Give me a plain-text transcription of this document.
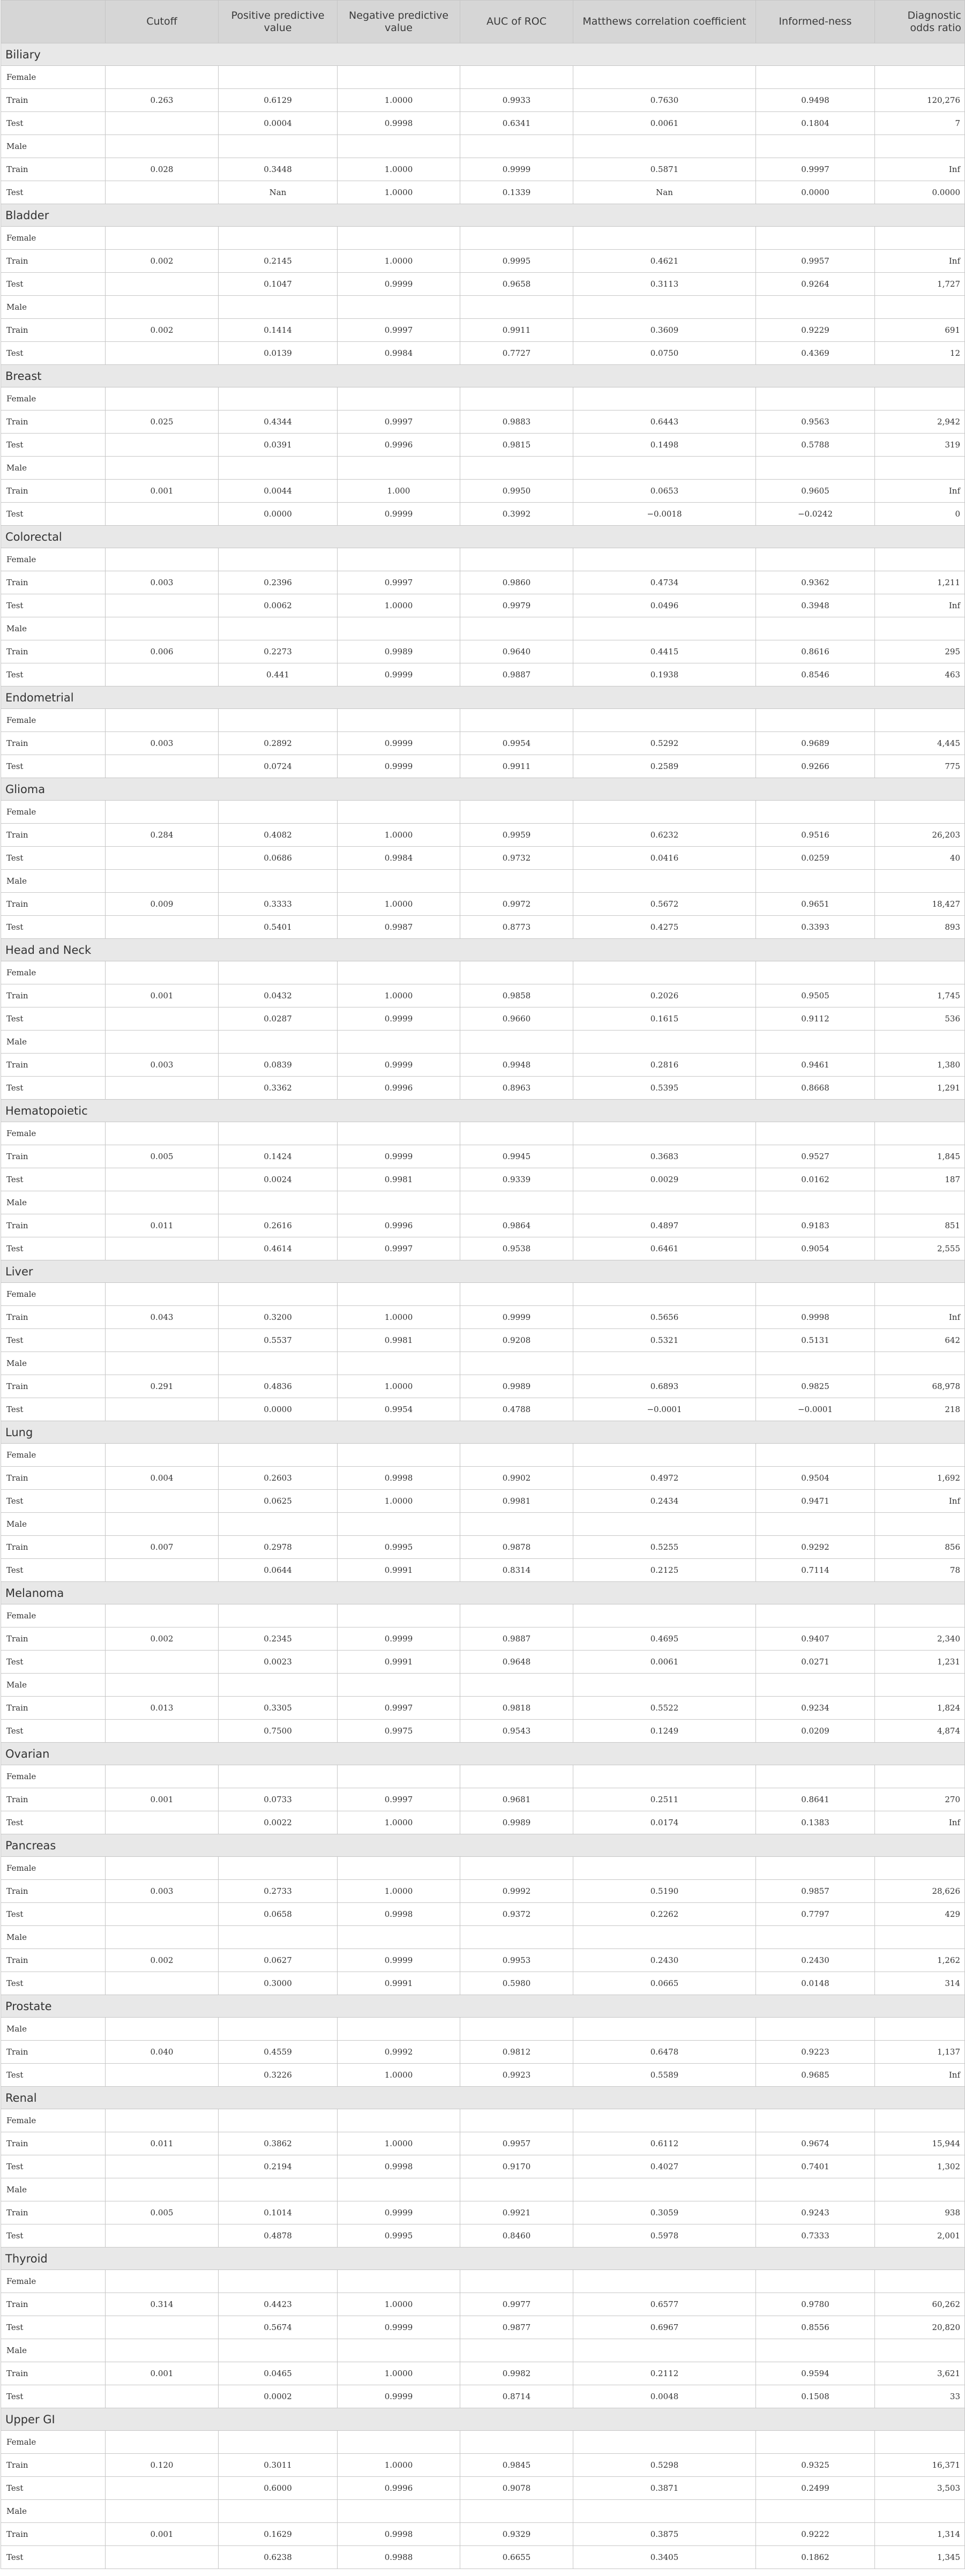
	Cutoff	Positive predictive value	Negative predictive value	AUC of ROC	Matthews correlation coefficient	Informed-ness	Diagnostic odds ratio
Biliary							
Female							
Train	0.263	0.6129	1.0000	0.9933	0.7630	0.9498	120,276
Test		0.0004	0.9998	0.6341	0.0061	0.1804	7
Male							
Train	0.028	0.3448	1.0000	0.9999	0.5871	0.9997	Inf
Test		Nan	1.0000	0.1339	Nan	0.0000	0.0000
Bladder							
Female							
Train	0.002	0.2145	1.0000	0.9995	0.4621	0.9957	Inf
Test		0.1047	0.9999	0.9658	0.3113	0.9264	1,727
Male							
Train	0.002	0.1414	0.9997	0.9911	0.3609	0.9229	691
Test		0.0139	0.9984	0.7727	0.0750	0.4369	12
Breast							
Female							
Train	0.025	0.4344	0.9997	0.9883	0.6443	0.9563	2,942
Test		0.0391	0.9996	0.9815	0.1498	0.5788	319
Male							
Train	0.001	0.0044	1.000	0.9950	0.0653	0.9605	Inf
Test		0.0000	0.9999	0.3992	−0.0018	−0.0242	0
Colorectal							
Female							
Train	0.003	0.2396	0.9997	0.9860	0.4734	0.9362	1,211
Test		0.0062	1.0000	0.9979	0.0496	0.3948	Inf
Male							
Train	0.006	0.2273	0.9989	0.9640	0.4415	0.8616	295
Test		0.441	0.9999	0.9887	0.1938	0.8546	463
Endometrial							
Female							
Train	0.003	0.2892	0.9999	0.9954	0.5292	0.9689	4,445
Test		0.0724	0.9999	0.9911	0.2589	0.9266	775
Glioma							
Female							
Train	0.284	0.4082	1.0000	0.9959	0.6232	0.9516	26,203
Test		0.0686	0.9984	0.9732	0.0416	0.0259	40
Male							
Train	0.009	0.3333	1.0000	0.9972	0.5672	0.9651	18,427
Test		0.5401	0.9987	0.8773	0.4275	0.3393	893
Head and Neck							
Female							
Train	0.001	0.0432	1.0000	0.9858	0.2026	0.9505	1,745
Test		0.0287	0.9999	0.9660	0.1615	0.9112	536
Male							
Train	0.003	0.0839	0.9999	0.9948	0.2816	0.9461	1,380
Test		0.3362	0.9996	0.8963	0.5395	0.8668	1,291
Hematopoietic							
Female							
Train	0.005	0.1424	0.9999	0.9945	0.3683	0.9527	1,845
Test		0.0024	0.9981	0.9339	0.0029	0.0162	187
Male							
Train	0.011	0.2616	0.9996	0.9864	0.4897	0.9183	851
Test		0.4614	0.9997	0.9538	0.6461	0.9054	2,555
Liver							
Female							
Train	0.043	0.3200	1.0000	0.9999	0.5656	0.9998	Inf
Test		0.5537	0.9981	0.9208	0.5321	0.5131	642
Male							
Train	0.291	0.4836	1.0000	0.9989	0.6893	0.9825	68,978
Test		0.0000	0.9954	0.4788	−0.0001	−0.0001	218
Lung							
Female							
Train	0.004	0.2603	0.9998	0.9902	0.4972	0.9504	1,692
Test		0.0625	1.0000	0.9981	0.2434	0.9471	Inf
Male							
Train	0.007	0.2978	0.9995	0.9878	0.5255	0.9292	856
Test		0.0644	0.9991	0.8314	0.2125	0.7114	78
Melanoma							
Female							
Train	0.002	0.2345	0.9999	0.9887	0.4695	0.9407	2,340
Test		0.0023	0.9991	0.9648	0.0061	0.0271	1,231
Male							
Train	0.013	0.3305	0.9997	0.9818	0.5522	0.9234	1,824
Test		0.7500	0.9975	0.9543	0.1249	0.0209	4,874
Ovarian							
Female							
Train	0.001	0.0733	0.9997	0.9681	0.2511	0.8641	270
Test		0.0022	1.0000	0.9989	0.0174	0.1383	Inf
Pancreas							
Female							
Train	0.003	0.2733	1.0000	0.9992	0.5190	0.9857	28,626
Test		0.0658	0.9998	0.9372	0.2262	0.7797	429
Male							
Train	0.002	0.0627	0.9999	0.9953	0.2430	0.2430	1,262
Test		0.3000	0.9991	0.5980	0.0665	0.0148	314
Prostate							
Male							
Train	0.040	0.4559	0.9992	0.9812	0.6478	0.9223	1,137
Test		0.3226	1.0000	0.9923	0.5589	0.9685	Inf
Renal							
Female							
Train	0.011	0.3862	1.0000	0.9957	0.6112	0.9674	15,944
Test		0.2194	0.9998	0.9170	0.4027	0.7401	1,302
Male							
Train	0.005	0.1014	0.9999	0.9921	0.3059	0.9243	938
Test		0.4878	0.9995	0.8460	0.5978	0.7333	2,001
Thyroid							
Female							
Train	0.314	0.4423	1.0000	0.9977	0.6577	0.9780	60,262
Test		0.5674	0.9999	0.9877	0.6967	0.8556	20,820
Male							
Train	0.001	0.0465	1.0000	0.9982	0.2112	0.9594	3,621
Test		0.0002	0.9999	0.8714	0.0048	0.1508	33
Upper GI							
Female							
Train	0.120	0.3011	1.0000	0.9845	0.5298	0.9325	16,371
Test		0.6000	0.9996	0.9078	0.3871	0.2499	3,503
Male							
Train	0.001	0.1629	0.9998	0.9329	0.3875	0.9222	1,314
Test		0.6238	0.9988	0.6655	0.3405	0.1862	1,345
